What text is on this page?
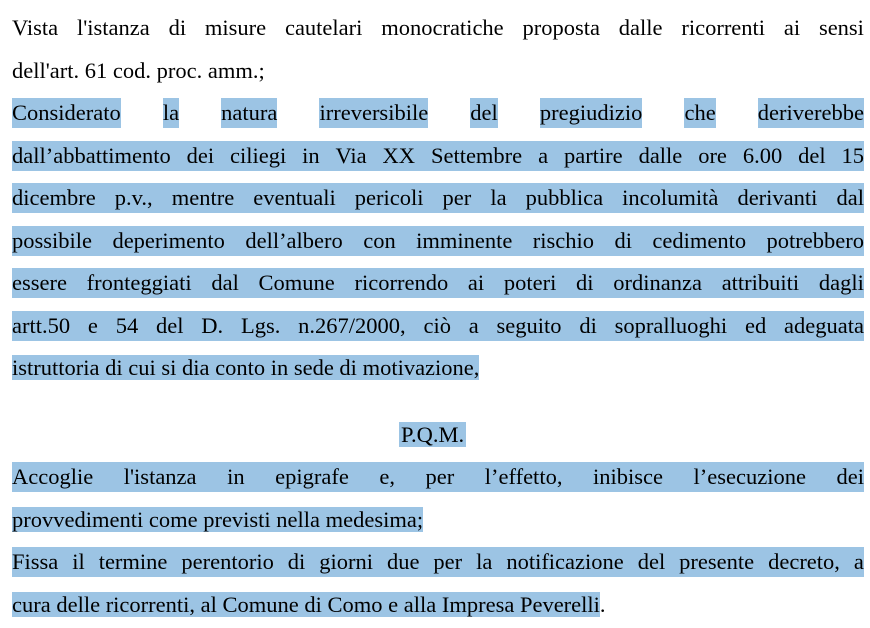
Vista l'istanza di misure cautelari monocratiche proposta dalle ricorrenti ai sensi
dell'art. 61 cod. proc. amm.;
Considerato la natura irreversibile del pregiudizio che deriverebbe
dall’abbattimento dei ciliegi in Via XX Settembre a partire dalle ore 6.00 del 15
dicembre p.v., mentre eventuali pericoli per la pubblica incolumità derivanti dal
possibile deperimento dell’albero con imminente rischio di cedimento potrebbero
essere fronteggiati dal Comune ricorrendo ai poteri di ordinanza attribuiti dagli
artt.50 e 54 del D. Lgs. n.267/2000, ciò a seguito di sopralluoghi ed adeguata
istruttoria di cui si dia conto in sede di motivazione,
P.Q.M.
Accoglie l'istanza in epigrafe e, per l’effetto, inibisce l’esecuzione dei
provvedimenti come previsti nella medesima;
Fissa il termine perentorio di giorni due per la notificazione del presente decreto, a
cura delle ricorrenti, al Comune di Como e alla Impresa Peverelli.
